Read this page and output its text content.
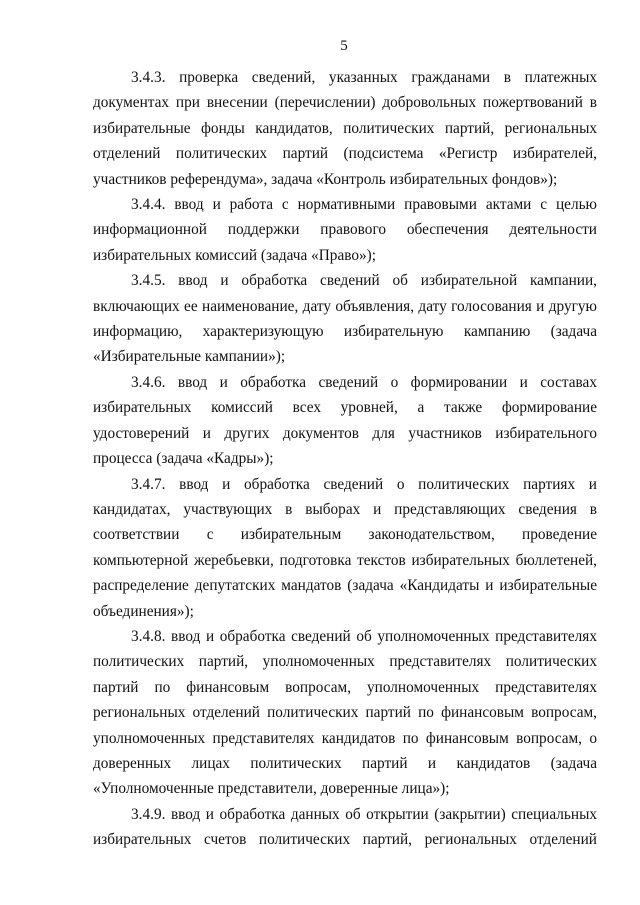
5

3.4.3. проверка сведений, указанных гражданами в платежных документах при внесении (перечислении) добровольных пожертвований в избирательные фонды кандидатов, политических партий, региональных отделений политических партий (подсистема «Регистр избирателей, участников референдума», задача «Контроль избирательных фондов»);

3.4.4. ввод и работа с нормативными правовыми актами с целью информационной поддержки правового обеспечения деятельности избирательных комиссий (задача «Право»);

3.4.5. ввод и обработка сведений об избирательной кампании, включающих ее наименование, дату объявления, дату голосования и другую информацию, характеризующую избирательную кампанию (задача «Избирательные кампании»);

3.4.6. ввод и обработка сведений о формировании и составах избирательных комиссий всех уровней, а также формирование удостоверений и других документов для участников избирательного процесса (задача «Кадры»);

3.4.7. ввод и обработка сведений о политических партиях и кандидатах, участвующих в выборах и представляющих сведения в соответствии с избирательным законодательством, проведение компьютерной жеребьевки, подготовка текстов избирательных бюллетеней, распределение депутатских мандатов (задача «Кандидаты и избирательные объединения»);

3.4.8. ввод и обработка сведений об уполномоченных представителях политических партий, уполномоченных представителях политических партий по финансовым вопросам, уполномоченных представителях региональных отделений политических партий по финансовым вопросам, уполномоченных представителях кандидатов по финансовым вопросам, о доверенных лицах политических партий и кандидатов (задача «Уполномоченные представители, доверенные лица»);

3.4.9. ввод и обработка данных об открытии (закрытии) специальных избирательных счетов политических партий, региональных отделений
